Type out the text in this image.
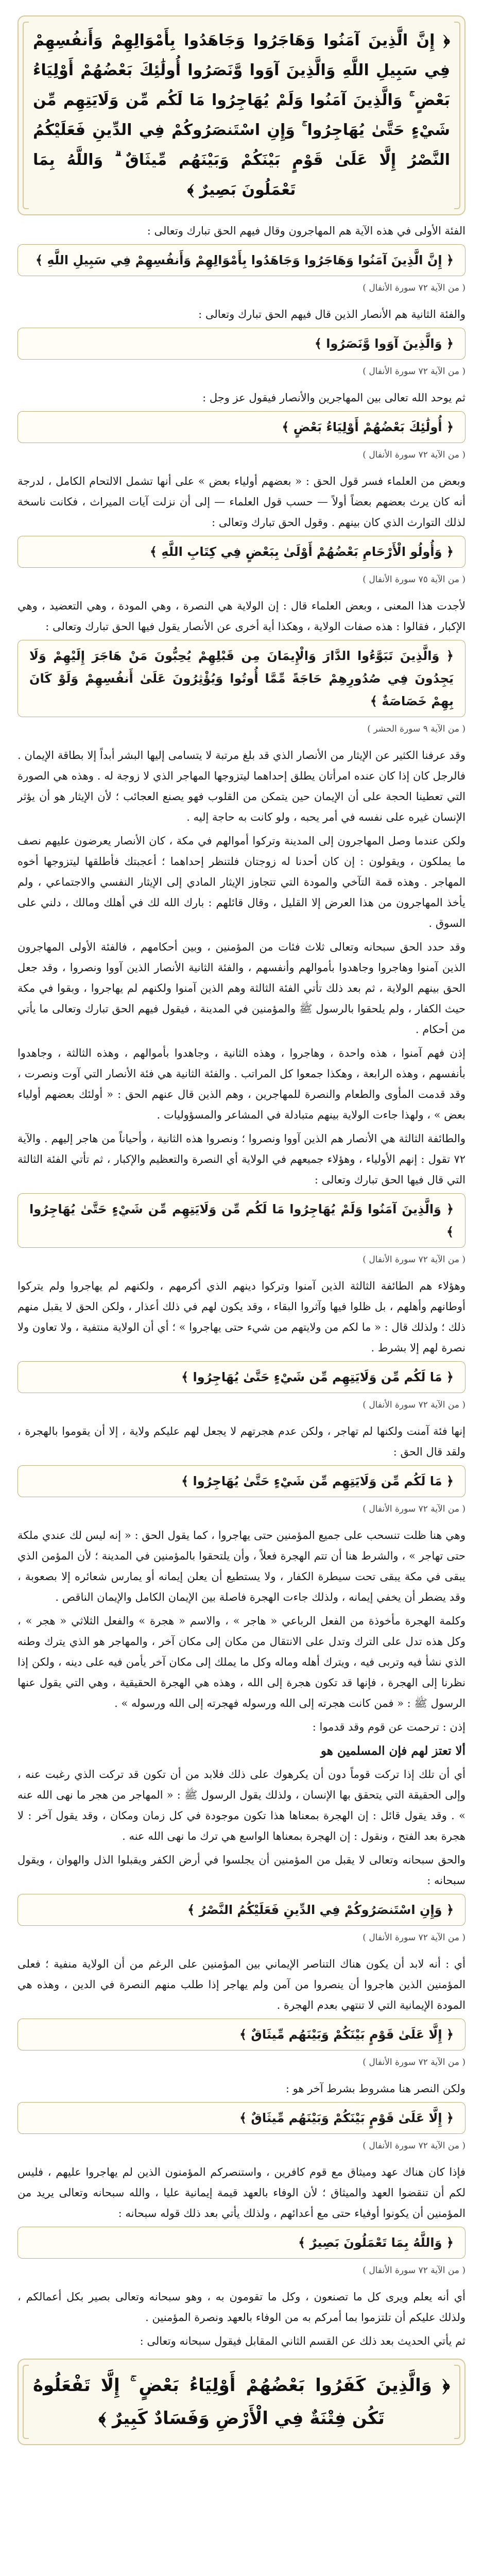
﴿ إِنَّ الَّذِينَ آمَنُوا وَهَاجَرُوا وَجَاهَدُوا بِأَمْوَالِهِمْ وَأَنفُسِهِمْ فِي سَبِيلِ اللَّهِ وَالَّذِينَ آوَوا وَّنَصَرُوا أُولَٰئِكَ بَعْضُهُمْ أَوْلِيَاءُ بَعْضٍ ۚ وَالَّذِينَ آمَنُوا وَلَمْ يُهَاجِرُوا مَا لَكُم مِّن وَلَايَتِهِم مِّن شَيْءٍ حَتَّىٰ يُهَاجِرُوا ۚ وَإِنِ اسْتَنصَرُوكُمْ فِي الدِّينِ فَعَلَيْكُمُ النَّصْرُ إِلَّا عَلَىٰ قَوْمٍ بَيْنَكُمْ وَبَيْنَهُم مِّيثَاقٌ ۗ وَاللَّهُ بِمَا تَعْمَلُونَ بَصِيرٌ ﴾

الفئة الأولى في هذه الآية هم المهاجرون وقال فيهم الحق تبارك وتعالى :

﴿ إِنَّ الَّذِينَ آمَنُوا وَهَاجَرُوا وَجَاهَدُوا بِأَمْوَالِهِمْ وَأَنفُسِهِمْ فِي سَبِيلِ اللَّهِ ﴾
( من الآية ٧٢ سورة الأنفال )

والفئة الثانية هم الأنصار الذين قال فيهم الحق تبارك وتعالى :

﴿ وَالَّذِينَ آوَوا وَّنَصَرُوا ﴾
( من الآية ٧٢ سورة الأنفال )

ثم يوحد الله تعالى بين المهاجرين والأنصار فيقول عز وجل :

﴿ أُولَٰئِكَ بَعْضُهُمْ أَوْلِيَاءُ بَعْضٍ ﴾
( من الآية ٧٢ سورة الأنفال )

وبعض من العلماء فسر قول الحق : « بعضهم أولياء بعض » على أنها تشمل الالتحام الكامل ، لدرجة أنه كان يرث بعضهم بعضاً أولاً — حسب قول العلماء — إلى أن نزلت آيات الميراث ، فكانت ناسخة لذلك التوارث الذي كان بينهم . وقول الحق تبارك وتعالى :

﴿ وَأُولُو الْأَرْحَامِ بَعْضُهُمْ أَوْلَىٰ بِبَعْضٍ فِي كِتَابِ اللَّهِ ﴾
( من الآية ٧٥ سورة الأنفال )

لأجدت هذا المعنى ، وبعض العلماء قال : إن الولاية هي النصرة ، وهي المودة ، وهي التعضيد ، وهي الإكبار ، فقالوا : هذه صفات الولاية ، وهكذا أية أخرى عن الأنصار يقول فيها الحق تبارك وتعالى :

﴿ وَالَّذِينَ تَبَوَّءُوا الدَّارَ وَالْإِيمَانَ مِن قَبْلِهِمْ يُحِبُّونَ مَنْ هَاجَرَ إِلَيْهِمْ وَلَا يَجِدُونَ فِي صُدُورِهِمْ حَاجَةً مِّمَّا أُوتُوا وَيُؤْثِرُونَ عَلَىٰ أَنفُسِهِمْ وَلَوْ كَانَ بِهِمْ خَصَاصَةٌ ﴾
( من الآية ٩ سورة الحشر )

وقد عرفنا الكثير عن الإيثار من الأنصار الذي قد بلغ مرتبة لا يتسامى إليها البشر أبداً إلا بطاقة الإيمان . فالرجل كان إذا كان عنده امرأتان يطلق إحداهما ليتزوجها المهاجر الذي لا زوجة له . وهذه هي الصورة التي تعطينا الحجة على أن الإيمان حين يتمكن من القلوب فهو يصنع العجائب ؛ لأن الإيثار هو أن يؤثر الإنسان غيره على نفسه في أمر يحبه ، ولو كانت به حاجة إليه .

ولكن عندما وصل المهاجرون إلى المدينة وتركوا أموالهم في مكة ، كان الأنصار يعرضون عليهم نصف ما يملكون ، ويقولون : إن كان أحدنا له زوجتان فلتنظر إحداهما ؛ أعجبتك فأطلقها ليتزوجها أخوه المهاجر . وهذه قمة التآخي والمودة التي تتجاوز الإيثار المادي إلى الإيثار النفسي والاجتماعي ، ولم يأخذ المهاجرون من هذا العرض إلا القليل ، وقال قائلهم : بارك الله لك في أهلك ومالك ، دلني على السوق .

وقد حدد الحق سبحانه وتعالى ثلاث فئات من المؤمنين ، وبين أحكامهم ، فالفئة الأولى المهاجرون الذين آمنوا وهاجروا وجاهدوا بأموالهم وأنفسهم ، والفئة الثانية الأنصار الذين آووا ونصروا ، وقد جعل الحق بينهم الولاية ، ثم بعد ذلك تأتي الفئة الثالثة وهم الذين آمنوا ولكنهم لم يهاجروا ، وبقوا في مكة حيث الكفار ، ولم يلحقوا بالرسول ﷺ والمؤمنين في المدينة ، فيقول فيهم الحق تبارك وتعالى ما يأتي من أحكام .

إذن فهم آمنوا ، هذه واحدة ، وهاجروا ، وهذه الثانية ، وجاهدوا بأموالهم ، وهذه الثالثة ، وجاهدوا بأنفسهم ، وهذه الرابعة ، وهكذا جمعوا كل المراتب . والفئة الثانية هي فئة الأنصار التي آوت ونصرت ، وقد قدمت المأوى والطعام والنصرة للمهاجرين ، وهم الذين قال عنهم الحق : « أولئك بعضهم أولياء بعض » ، ولهذا جاءت الولاية بينهم متبادلة في المشاعر والمسؤوليات .

والطائفة الثالثة هي الأنصار هم الذين آووا ونصروا ؛ ونصروا هذه الثانية ، وأحياناً من هاجر إليهم . والآية ٧٢ تقول : إنهم الأولياء ، وهؤلاء جميعهم في الولاية أي النصرة والتعظيم والإكبار ، ثم تأتي الفئة الثالثة التي قال فيها الحق تبارك وتعالى :

﴿ وَالَّذِينَ آمَنُوا وَلَمْ يُهَاجِرُوا مَا لَكُم مِّن وَلَايَتِهِم مِّن شَيْءٍ حَتَّىٰ يُهَاجِرُوا ﴾
( من الآية ٧٢ سورة الأنفال )

وهؤلاء هم الطائفة الثالثة الذين آمنوا وتركوا دينهم الذي أكرمهم ، ولكنهم لم يهاجروا ولم يتركوا أوطانهم وأهلهم ، بل ظلوا فيها وآثروا البقاء ، وقد يكون لهم في ذلك أعذار ، ولكن الحق لا يقبل منهم ذلك ؛ ولذلك قال : « ما لكم من ولايتهم من شيء حتى يهاجروا » ؛ أي أن الولاية منتفية ، ولا تعاون ولا نصرة لهم إلا بشرط .

﴿ مَا لَكُم مِّن وَلَايَتِهِم مِّن شَيْءٍ حَتَّىٰ يُهَاجِرُوا ﴾
( من الآية ٧٢ سورة الأنفال )

إنها فئة آمنت ولكنها لم تهاجر ، ولكن عدم هجرتهم لا يجعل لهم عليكم ولاية ، إلا أن يقوموا بالهجرة ، ولقد قال الحق :

﴿ مَا لَكُم مِّن وَلَايَتِهِم مِّن شَيْءٍ حَتَّىٰ يُهَاجِرُوا ﴾
( من الآية ٧٢ سورة الأنفال )

وهي هنا ظلت تنسحب على جميع المؤمنين حتى يهاجروا ، كما يقول الحق : « إنه ليس لك عندي ملكة حتى تهاجر » ، والشرط هنا أن تتم الهجرة فعلاً ، وأن يلتحقوا بالمؤمنين في المدينة ؛ لأن المؤمن الذي يبقى في مكة يبقى تحت سيطرة الكفار ، ولا يستطيع أن يعلن إيمانه أو يمارس شعائره إلا بصعوبة ، وقد يضطر أن يخفي إيمانه ، ولذلك جاءت الهجرة فاصلة بين الإيمان الكامل والإيمان الناقص .

وكلمة الهجرة مأخوذة من الفعل الرباعي « هاجر » ، والاسم « هجرة » والفعل الثلاثي « هجر » ، وكل هذه تدل على الترك وتدل على الانتقال من مكان إلى مكان آخر ، والمهاجر هو الذي يترك وطنه الذي نشأ فيه وتربى فيه ، ويترك أهله وماله وكل ما يملك إلى مكان آخر يأمن فيه على دينه ، ولكن إذا نظرنا إلى الهجرة ، فإنها قد تكون هجرة إلى الله ، وهذه هي الهجرة الحقيقية ، وهي التي يقول عنها الرسول ﷺ : « فمن كانت هجرته إلى الله ورسوله فهجرته إلى الله ورسوله » .

إذن : ترحمت عن قوم وقد قدموا :

ألا تعتز لهم فإن المسلمين هو

أي أن تلك إذا تركت قوماً دون أن يكرهوك على ذلك فلابد من أن تكون قد تركت الذي رغبت عنه ، وإلى الحقيقة التي يتحقق بها الإنسان ، ولذلك يقول الرسول ﷺ : « المهاجر من هجر ما نهى الله عنه » . وقد يقول قائل : إن الهجرة بمعناها هذا تكون موجودة في كل زمان ومكان ، وقد يقول آخر : لا هجرة بعد الفتح ، ونقول : إن الهجرة بمعناها الواسع هي ترك ما نهى الله عنه .

والحق سبحانه وتعالى لا يقبل من المؤمنين أن يجلسوا في أرض الكفر ويقبلوا الذل والهوان ، ويقول سبحانه :

﴿ وَإِنِ اسْتَنصَرُوكُمْ فِي الدِّينِ فَعَلَيْكُمُ النَّصْرُ ﴾
( من الآية ٧٢ سورة الأنفال )

أي : أنه لابد أن يكون هناك التناصر الإيماني بين المؤمنين على الرغم من أن الولاية منفية ؛ فعلى المؤمنين الذين هاجروا أن ينصروا من آمن ولم يهاجر إذا طلب منهم النصرة في الدين ، وهذه هي المودة الإيمانية التي لا تنتهي بعدم الهجرة .

﴿ إِلَّا عَلَىٰ قَوْمٍ بَيْنَكُمْ وَبَيْنَهُم مِّيثَاقٌ ﴾
( من الآية ٧٢ سورة الأنفال )

ولكن النصر هنا مشروط بشرط آخر هو :

﴿ إِلَّا عَلَىٰ قَوْمٍ بَيْنَكُمْ وَبَيْنَهُم مِّيثَاقٌ ﴾
( من الآية ٧٢ سورة الأنفال )

فإذا كان هناك عهد وميثاق مع قوم كافرين ، واستنصركم المؤمنون الذين لم يهاجروا عليهم ، فليس لكم أن تنقضوا العهد والميثاق ؛ لأن الوفاء بالعهد قيمة إيمانية عليا ، والله سبحانه وتعالى يريد من المؤمنين أن يكونوا أوفياء حتى مع أعدائهم ، ولذلك يأتي بعد ذلك قوله سبحانه :

﴿ وَاللَّهُ بِمَا تَعْمَلُونَ بَصِيرٌ ﴾
( من الآية ٧٢ سورة الأنفال )

أي أنه يعلم ويرى كل ما تصنعون ، وكل ما تقومون به ، وهو سبحانه وتعالى بصير بكل أعمالكم ، ولذلك عليكم أن تلتزموا بما أمركم به من الوفاء بالعهد ونصرة المؤمنين .

ثم يأتي الحديث بعد ذلك عن القسم الثاني المقابل فيقول سبحانه وتعالى :

﴿ وَالَّذِينَ كَفَرُوا بَعْضُهُمْ أَوْلِيَاءُ بَعْضٍ ۚ إِلَّا تَفْعَلُوهُ تَكُن فِتْنَةٌ فِي الْأَرْضِ وَفَسَادٌ كَبِيرٌ ﴾
